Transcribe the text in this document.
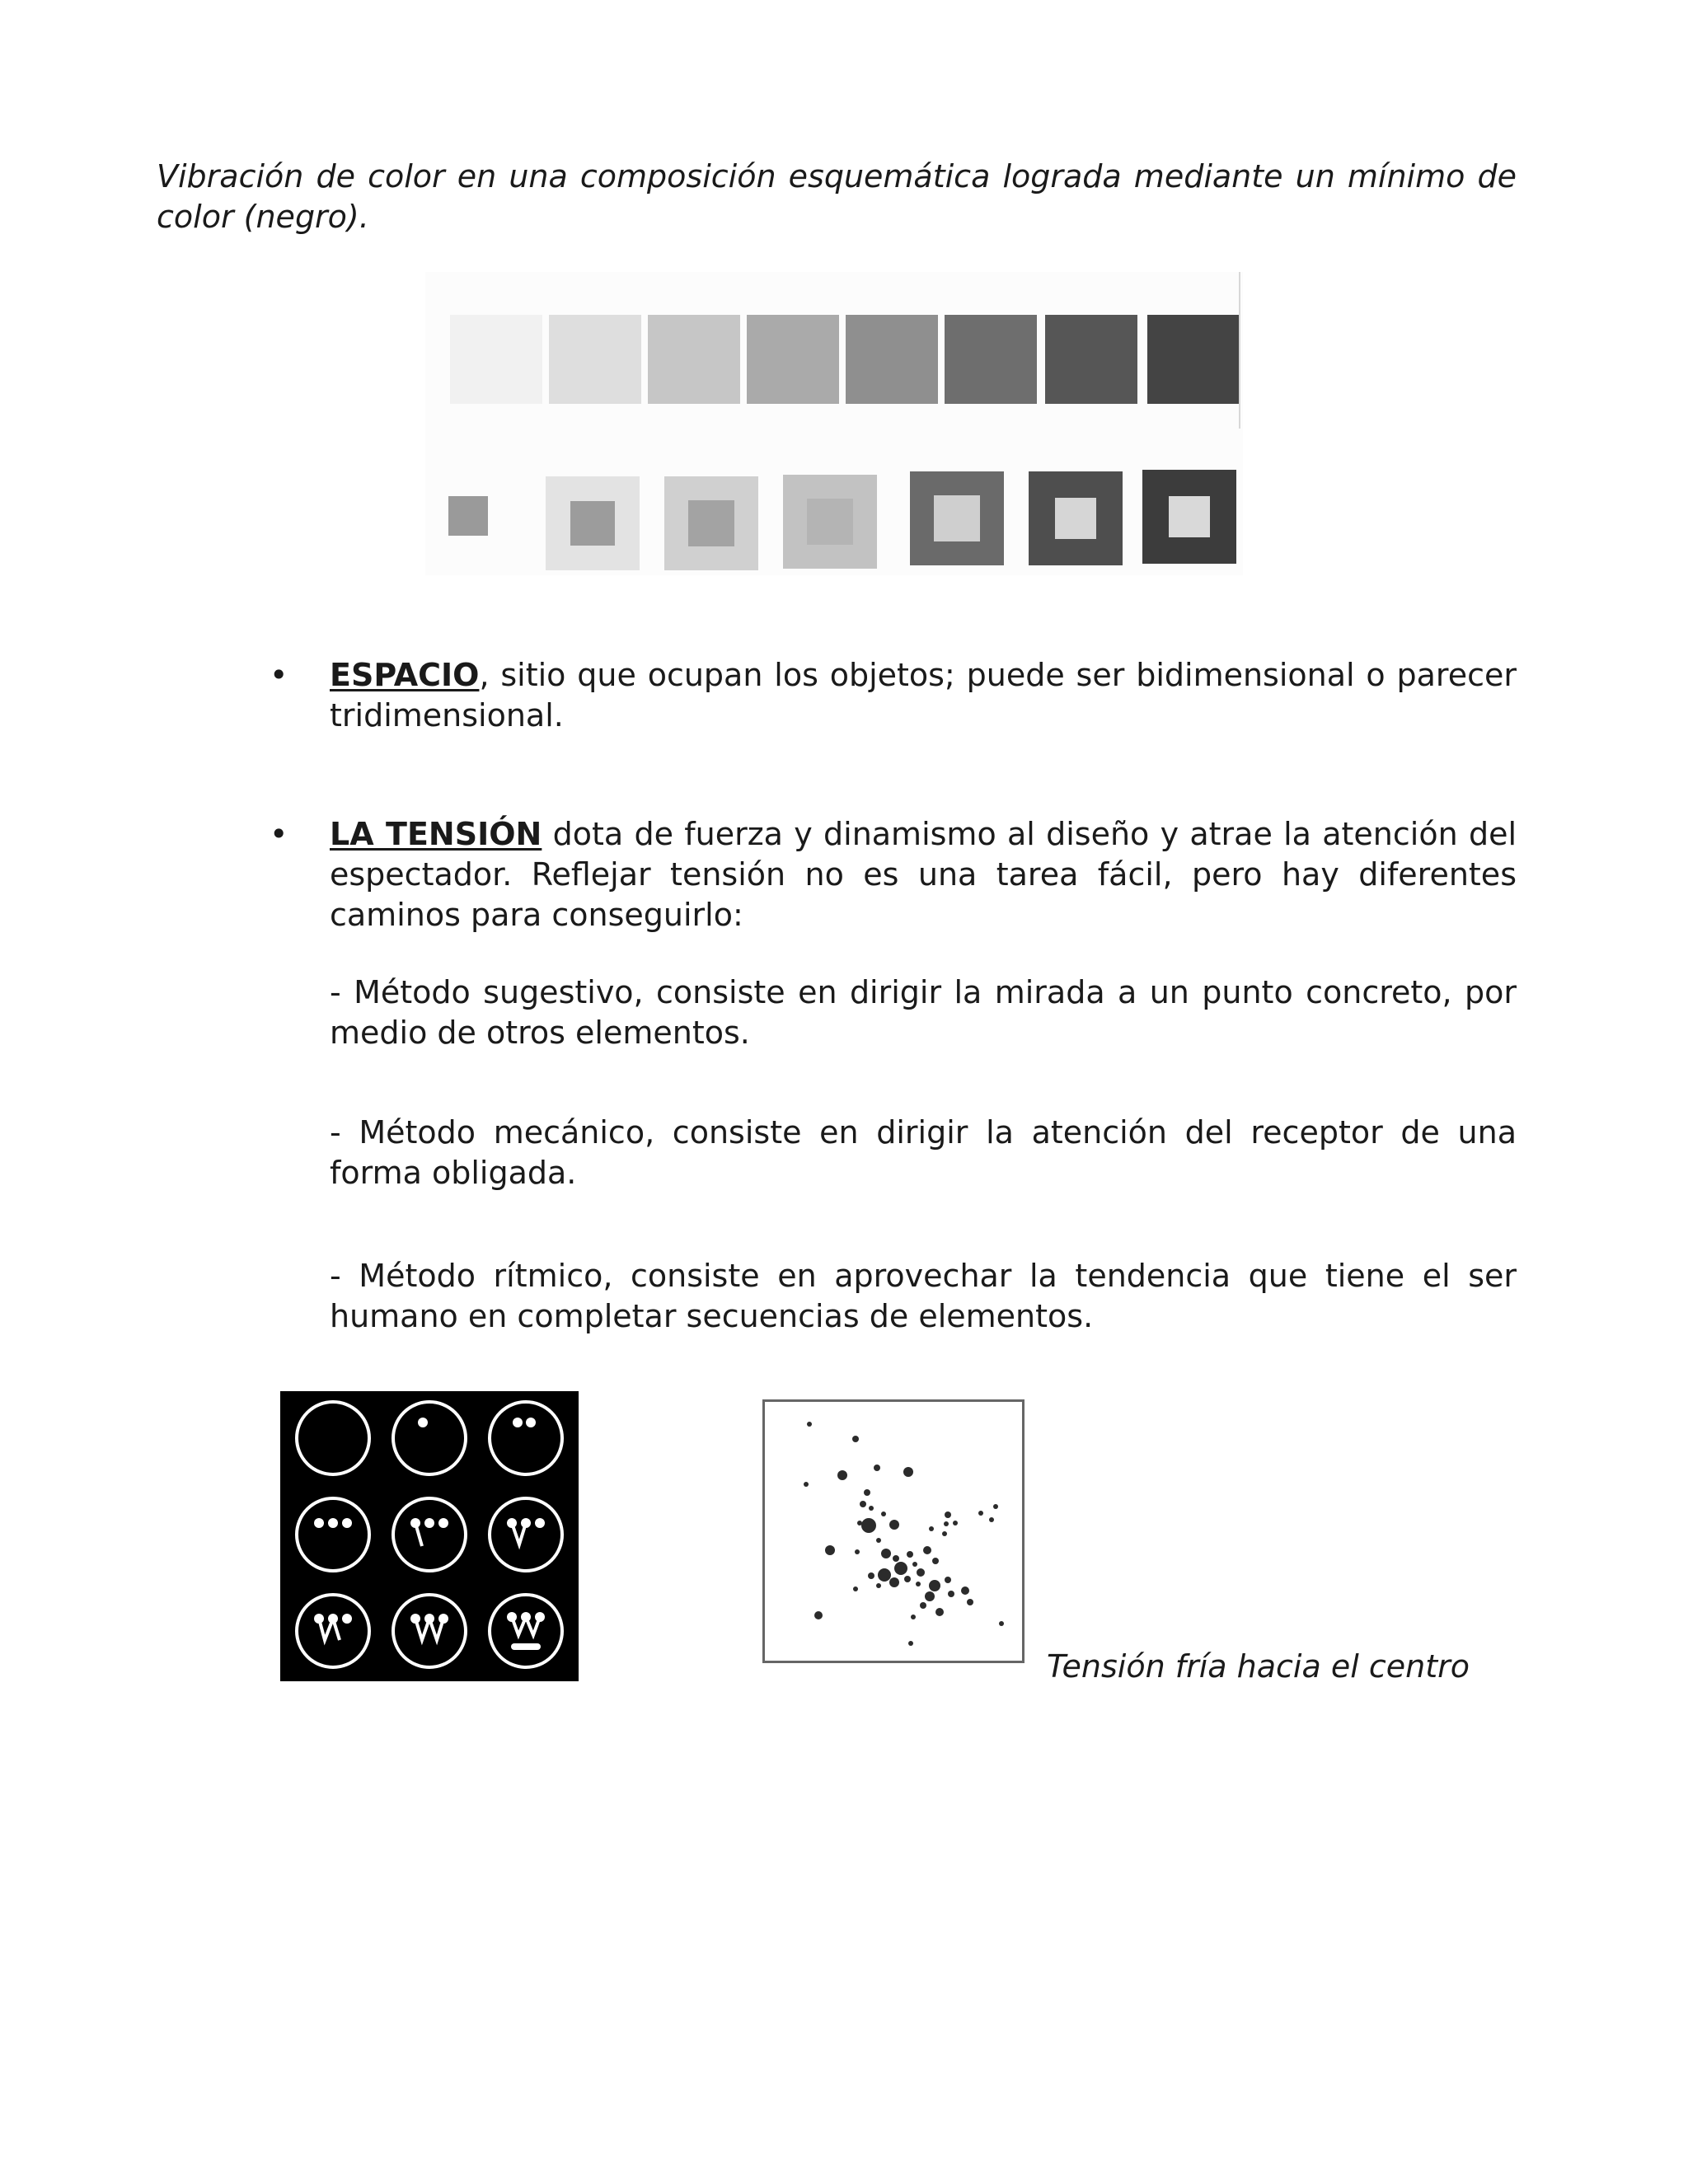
Vibración de color en una composición esquemática lograda mediante un mínimo de color (negro).
• ESPACIO, sitio que ocupan los objetos; puede ser bidimensional o parecer tridimensional.
• LA TENSIÓN dota de fuerza y dinamismo al diseño y atrae la atención del espectador. Reflejar tensión no es una tarea fácil, pero hay diferentes caminos para conseguirlo:
- Método sugestivo, consiste en dirigir la mirada a un punto concreto, por medio de otros elementos.
- Método mecánico, consiste en dirigir la atención del receptor de una forma obligada.
- Método rítmico, consiste en aprovechar la tendencia que tiene el ser humano en completar secuencias de elementos.
Tensión fría hacia el centro
